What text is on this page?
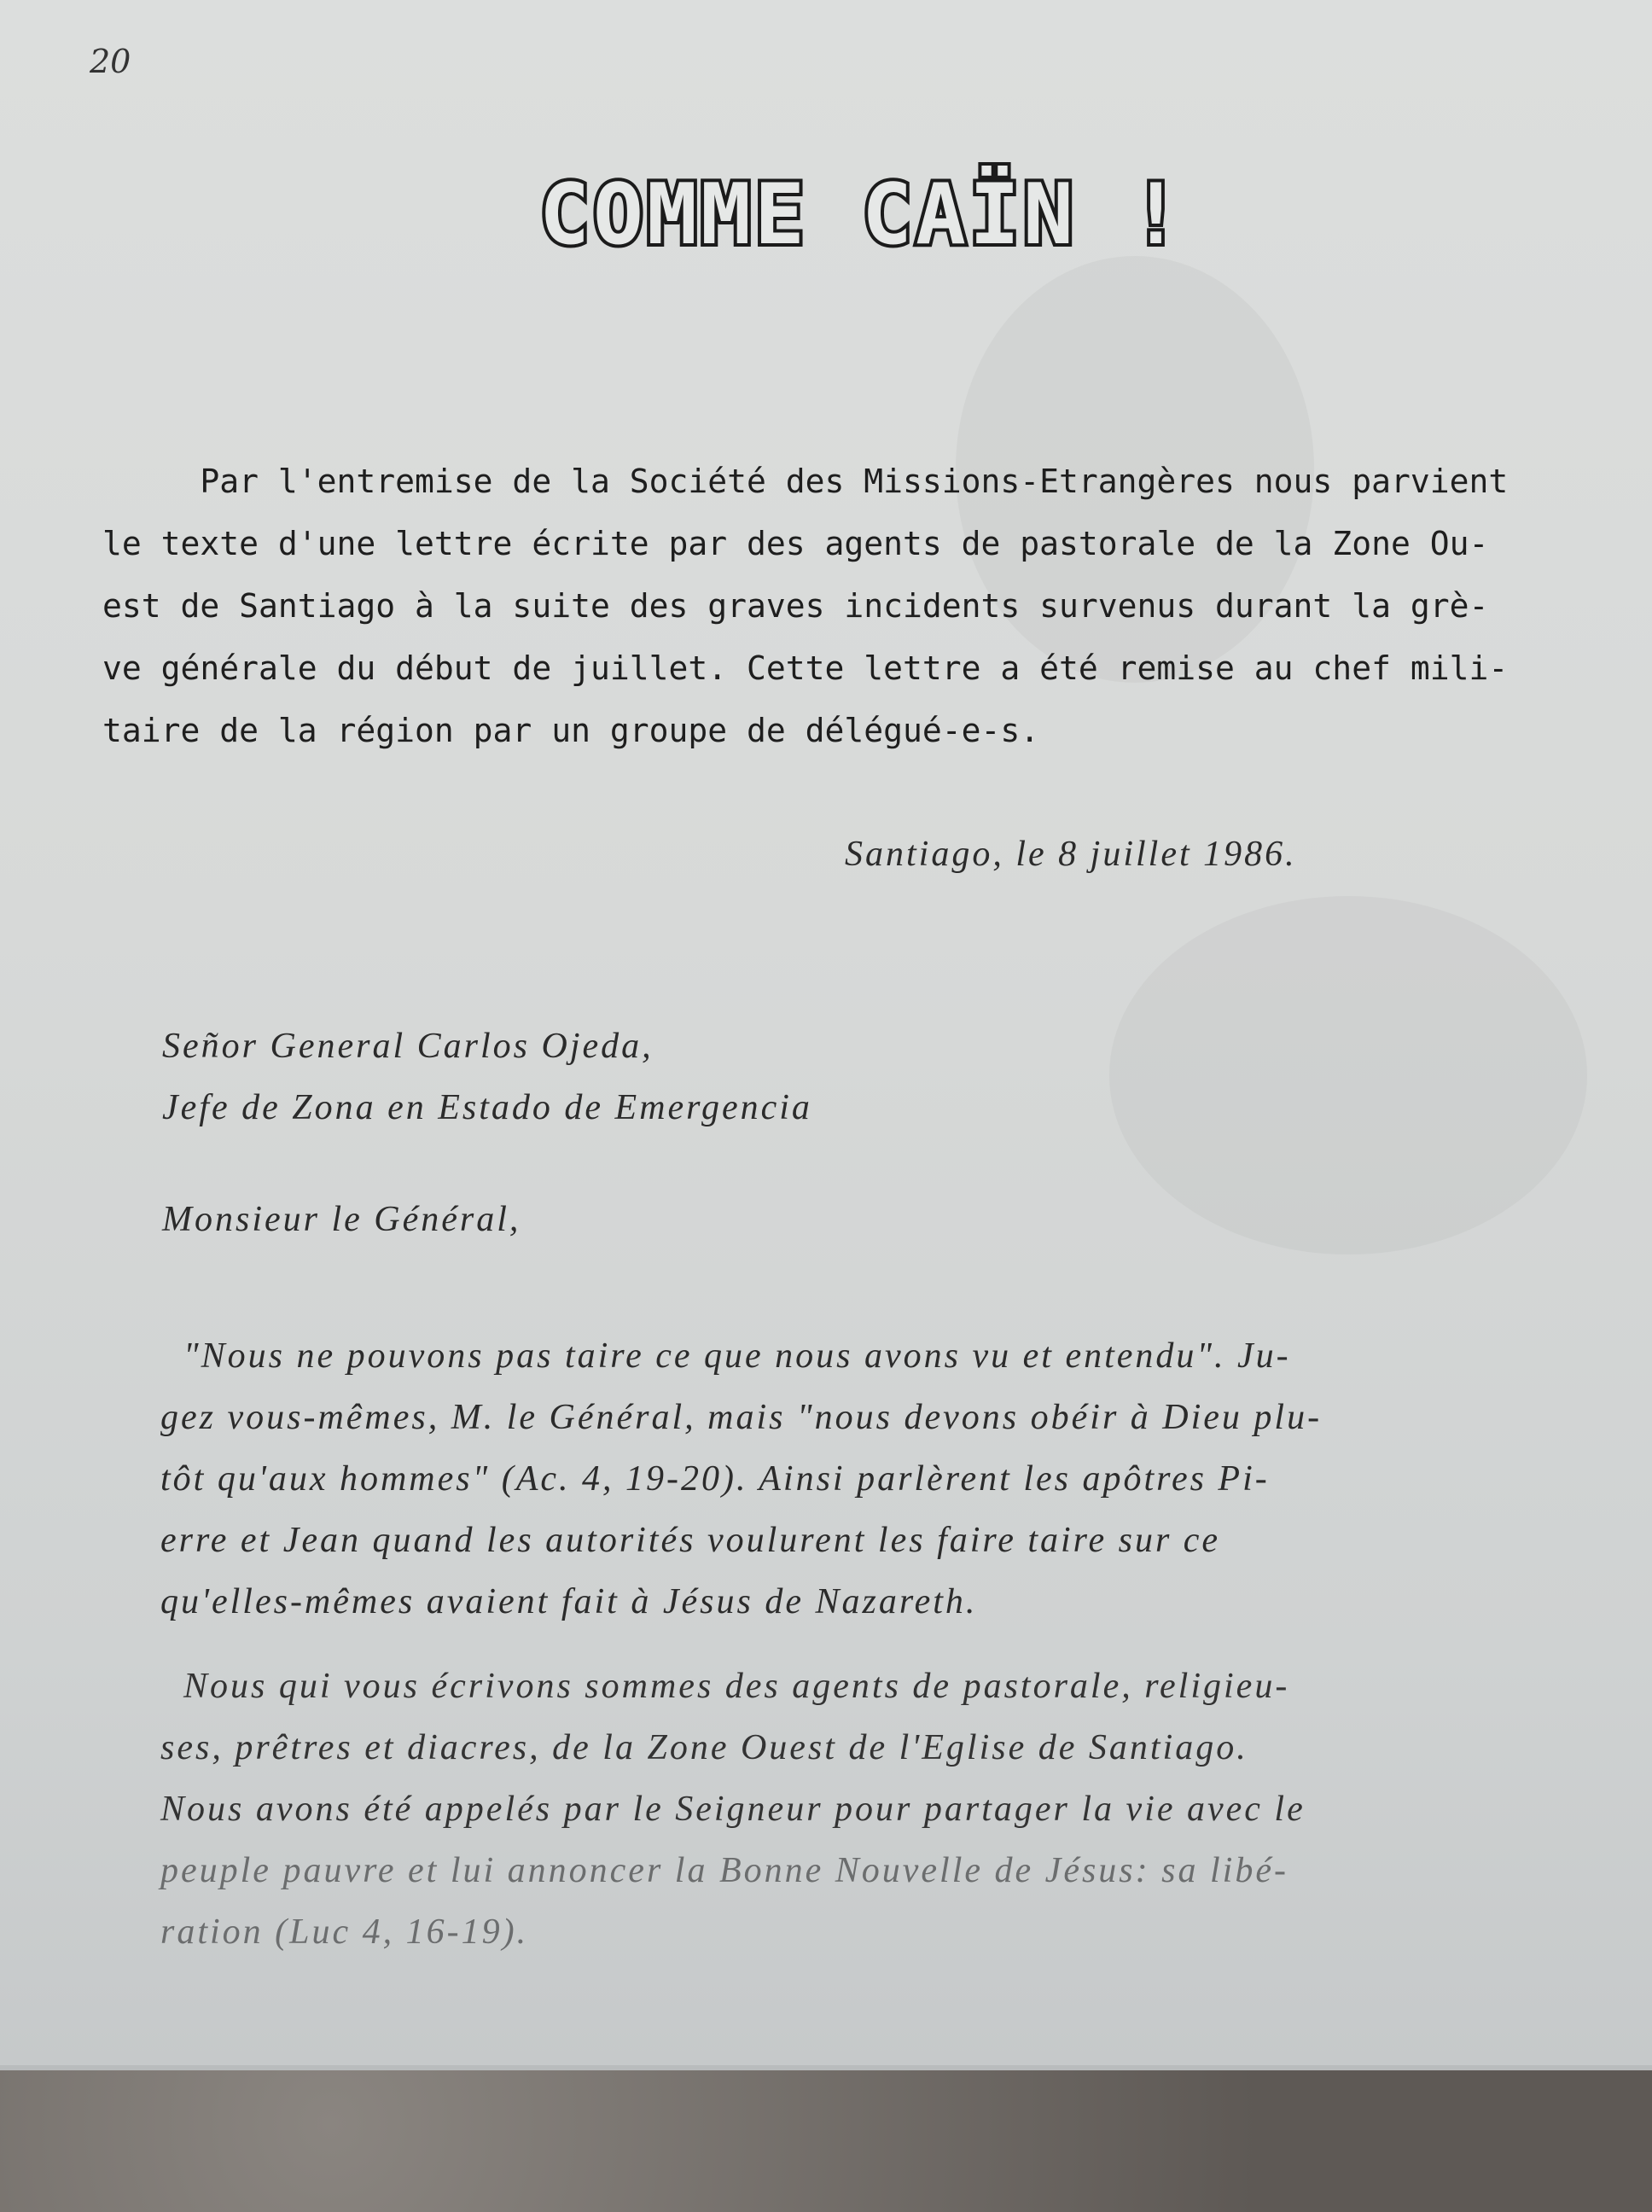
20
COMME CAÏN !
Par l'entremise de la Société des Missions-Etrangères nous parvient
le texte d'une lettre écrite par des agents de pastorale de la Zone Ou-
est de Santiago à la suite des graves incidents survenus durant la grè-
ve générale du début de juillet. Cette lettre a été remise au chef mili-
taire de la région par un groupe de délégué-e-s.
Santiago, le 8 juillet 1986.
Señor General Carlos Ojeda,
Jefe de Zona en Estado de Emergencia
Monsieur le Général,
"Nous ne pouvons pas taire ce que nous avons vu et entendu". Ju-
gez vous-mêmes, M. le Général, mais "nous devons obéir à Dieu plu-
tôt qu'aux hommes" (Ac. 4, 19-20). Ainsi parlèrent les apôtres Pi-
erre et Jean quand les autorités voulurent les faire taire sur ce
qu'elles-mêmes avaient fait à Jésus de Nazareth.
Nous qui vous écrivons sommes des agents de pastorale, religieu-
ses, prêtres et diacres, de la Zone Ouest de l'Eglise de Santiago.
Nous avons été appelés par le Seigneur pour partager la vie avec le
peuple pauvre et lui annoncer la Bonne Nouvelle de Jésus: sa libé-
ration (Luc 4, 16-19).
